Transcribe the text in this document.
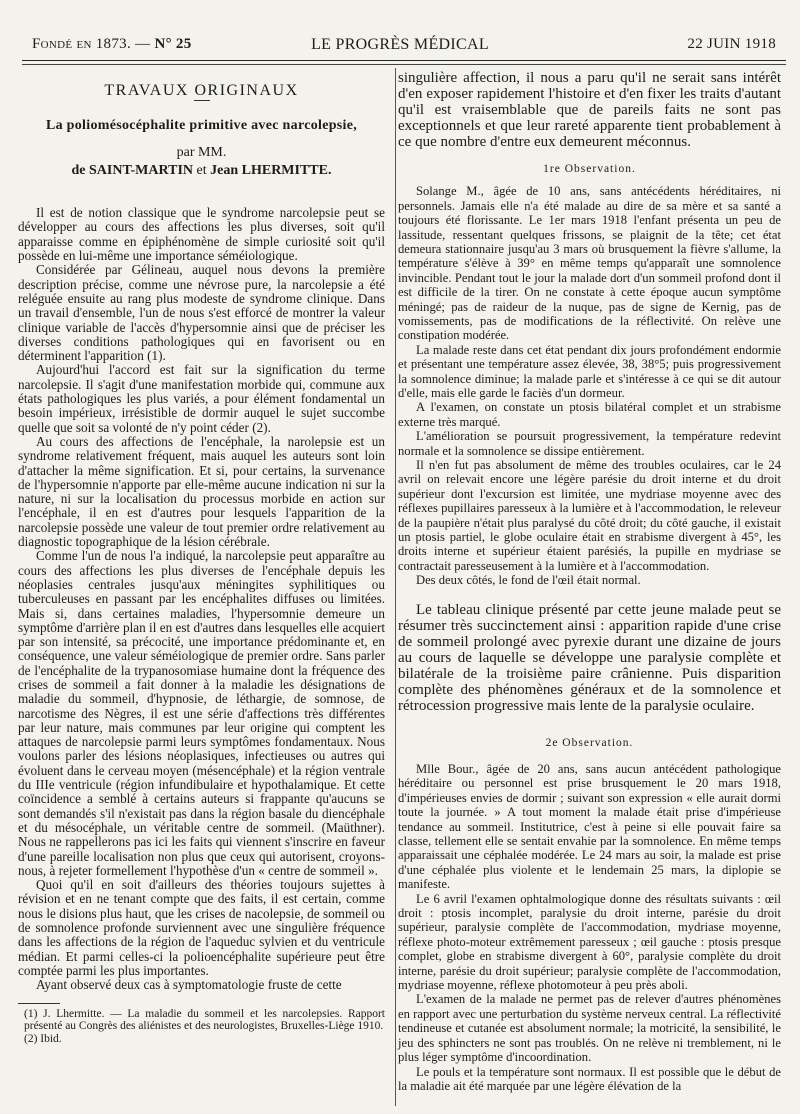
Fondé en 1873. — N° 25	LE PROGRÈS MÉDICAL	22 JUIN 1918
TRAVAUX ORIGINAUX
La poliomésocéphalite primitive avec narcolepsie,
par MM.
de SAINT-MARTIN et Jean LHERMITTE.

Il est de notion classique que le syndrome narcolepsie peut se développer au cours des affections les plus diverses, soit qu'il apparaisse comme en épiphénomène de simple curiosité soit qu'il possède en lui-même une importance séméiologique.

Considérée par Gélineau, auquel nous devons la première description précise, comme une névrose pure, la narcolepsie a été reléguée ensuite au rang plus modeste de syndrome clinique. Dans un travail d'ensemble, l'un de nous s'est efforcé de montrer la valeur clinique variable de l'accès d'hypersomnie ainsi que de préciser les diverses conditions pathologiques qui en favorisent ou en déterminent l'apparition (1).

Aujourd'hui l'accord est fait sur la signification du terme narcolepsie. Il s'agit d'une manifestation morbide qui, commune aux états pathologiques les plus variés, a pour élément fondamental un besoin impérieux, irrésistible de dormir auquel le sujet succombe quelle que soit sa volonté de n'y point céder (2).

Au cours des affections de l'encéphale, la narolepsie est un syndrome relativement fréquent, mais auquel les auteurs sont loin d'attacher la même signification. Et si, pour certains, la survenance de l'hypersomnie n'apporte par elle-même aucune indication ni sur la nature, ni sur la localisation du processus morbide en action sur l'encéphale, il en est d'autres pour lesquels l'apparition de la narcolepsie possède une valeur de tout premier ordre relativement au diagnostic topographique de la lésion cérébrale.

Comme l'un de nous l'a indiqué, la narcolepsie peut apparaître au cours des affections les plus diverses de l'encéphale depuis les néoplasies centrales jusqu'aux méningites syphilitiques ou tuberculeuses en passant par les encéphalites diffuses ou limitées. Mais si, dans certaines maladies, l'hypersomnie demeure un symptôme d'arrière plan il en est d'autres dans lesquelles elle acquiert par son intensité, sa précocité, une importance prédominante et, en conséquence, une valeur séméiologique de premier ordre. Sans parler de l'encéphalite de la trypanosomiase humaine dont la fréquence des crises de sommeil a fait donner à la maladie les désignations de maladie du sommeil, d'hypnosie, de léthargie, de somnose, de narcotisme des Nègres, il est une série d'affections très différentes par leur nature, mais communes par leur origine qui comptent les attaques de narcolepsie parmi leurs symptômes fondamentaux. Nous voulons parler des lésions néoplasiques, infectieuses ou autres qui évoluent dans le cerveau moyen (mésencéphale) et la région ventrale du IIIe ventricule (région infundibulaire et hypothalamique. Et cette coïncidence a semblé à certains auteurs si frappante qu'aucuns se sont demandés s'il n'existait pas dans la région basale du diencéphale et du mésocéphale, un véritable centre de sommeil. (Maüthner). Nous ne rappellerons pas ici les faits qui viennent s'inscrire en faveur d'une pareille localisation non plus que ceux qui autorisent, croyons-nous, à rejeter formellement l'hypothèse d'un « centre de sommeil ».

Quoi qu'il en soit d'ailleurs des théories toujours sujettes à révision et en ne tenant compte que des faits, il est certain, comme nous le disions plus haut, que les crises de nacolepsie, de sommeil ou de somnolence profonde surviennent avec une singulière fréquence dans les affections de la région de l'aqueduc sylvien et du ventricule médian. Et parmi celles-ci la polioencéphalite supérieure peut être comptée parmi les plus importantes.

Ayant observé deux cas à symptomatologie fruste de cette

(1) J. Lhermitte. — La maladie du sommeil et les narcolepsies. Rapport présenté au Congrès des aliénistes et des neurologistes, Bruxelles-Liège 1910.

(2) Ibid.

singulière affection, il nous a paru qu'il ne serait sans intérêt d'en exposer rapidement l'histoire et d'en fixer les traits d'autant qu'il est vraisemblable que de pareils faits ne sont pas exceptionnels et que leur rareté apparente tient probablement à ce que nombre d'entre eux demeurent méconnus.

1re Observation.

Solange M., âgée de 10 ans, sans antécédents héréditaires, ni personnels. Jamais elle n'a été malade au dire de sa mère et sa santé a toujours été florissante. Le 1er mars 1918 l'enfant présenta un peu de lassitude, ressentant quelques frissons, se plaignit de la tête; cet état demeura stationnaire jusqu'au 3 mars où brusquement la fièvre s'allume, la température s'élève à 39° en même temps qu'apparaît une somnolence invincible. Pendant tout le jour la malade dort d'un sommeil profond dont il est difficile de la tirer. On ne constate à cette époque aucun symptôme méningé; pas de raideur de la nuque, pas de signe de Kernig, pas de vomissements, pas de modifications de la réflectivité. On relève une constipation modérée.

La malade reste dans cet état pendant dix jours profondément endormie et présentant une température assez élevée, 38, 38°5; puis progressivement la somnolence diminue; la malade parle et s'intéresse à ce qui se dit autour d'elle, mais elle garde le faciès d'un dormeur.

A l'examen, on constate un ptosis bilatéral complet et un strabisme externe très marqué.

L'amélioration se poursuit progressivement, la température redevint normale et la somnolence se dissipe entièrement.

Il n'en fut pas absolument de même des troubles oculaires, car le 24 avril on relevait encore une légère parésie du droit interne et du droit supérieur dont l'excursion est limitée, une mydriase moyenne avec des réflexes pupillaires paresseux à la lumière et à l'accommodation, le releveur de la paupière n'était plus paralysé du côté droit; du côté gauche, il existait un ptosis partiel, le globe oculaire était en strabisme divergent à 45°, les droits interne et supérieur étaient parésiés, la pupille en mydriase se contractait paresseusement à la lumière et à l'accommodation.

Des deux côtés, le fond de l'œil était normal.

Le tableau clinique présenté par cette jeune malade peut se résumer très succinctement ainsi : apparition rapide d'une crise de sommeil prolongé avec pyrexie durant une dizaine de jours au cours de laquelle se développe une paralysie complète et bilatérale de la troisième paire crânienne. Puis disparition complète des phénomènes généraux et de la somnolence et rétrocession progressive mais lente de la paralysie oculaire.

2e Observation.

Mlle Bour., âgée de 20 ans, sans aucun antécédent pathologique héréditaire ou personnel est prise brusquement le 20 mars 1918, d'impérieuses envies de dormir ; suivant son expression « elle aurait dormi toute la journée. » A tout moment la malade était prise d'impérieuse tendance au sommeil. Institutrice, c'est à peine si elle pouvait faire sa classe, tellement elle se sentait envahie par la somnolence. En même temps apparaissait une céphalée modérée. Le 24 mars au soir, la malade est prise d'une céphalée plus violente et le lendemain 25 mars, la diplopie se manifeste.

Le 6 avril l'examen ophtalmologique donne des résultats suivants : œil droit : ptosis incomplet, paralysie du droit interne, parésie du droit supérieur, paralysie complète de l'accommodation, mydriase moyenne, réflexe photo-moteur extrêmement paresseux ; œil gauche : ptosis presque complet, globe en strabisme divergent à 60°, paralysie complète du droit interne, parésie du droit supérieur; paralysie complète de l'accommodation, mydriase moyenne, réflexe photomoteur à peu près aboli.

L'examen de la malade ne permet pas de relever d'autres phénomènes en rapport avec une perturbation du système nerveux central. La réflectivité tendineuse et cutanée est absolument normale; la motricité, la sensibilité, le jeu des sphincters ne sont pas troublés. On ne relève ni tremblement, ni le plus léger symptôme d'incoordination.

Le pouls et la température sont normaux. Il est possible que le début de la maladie ait été marquée par une légère élévation de la
